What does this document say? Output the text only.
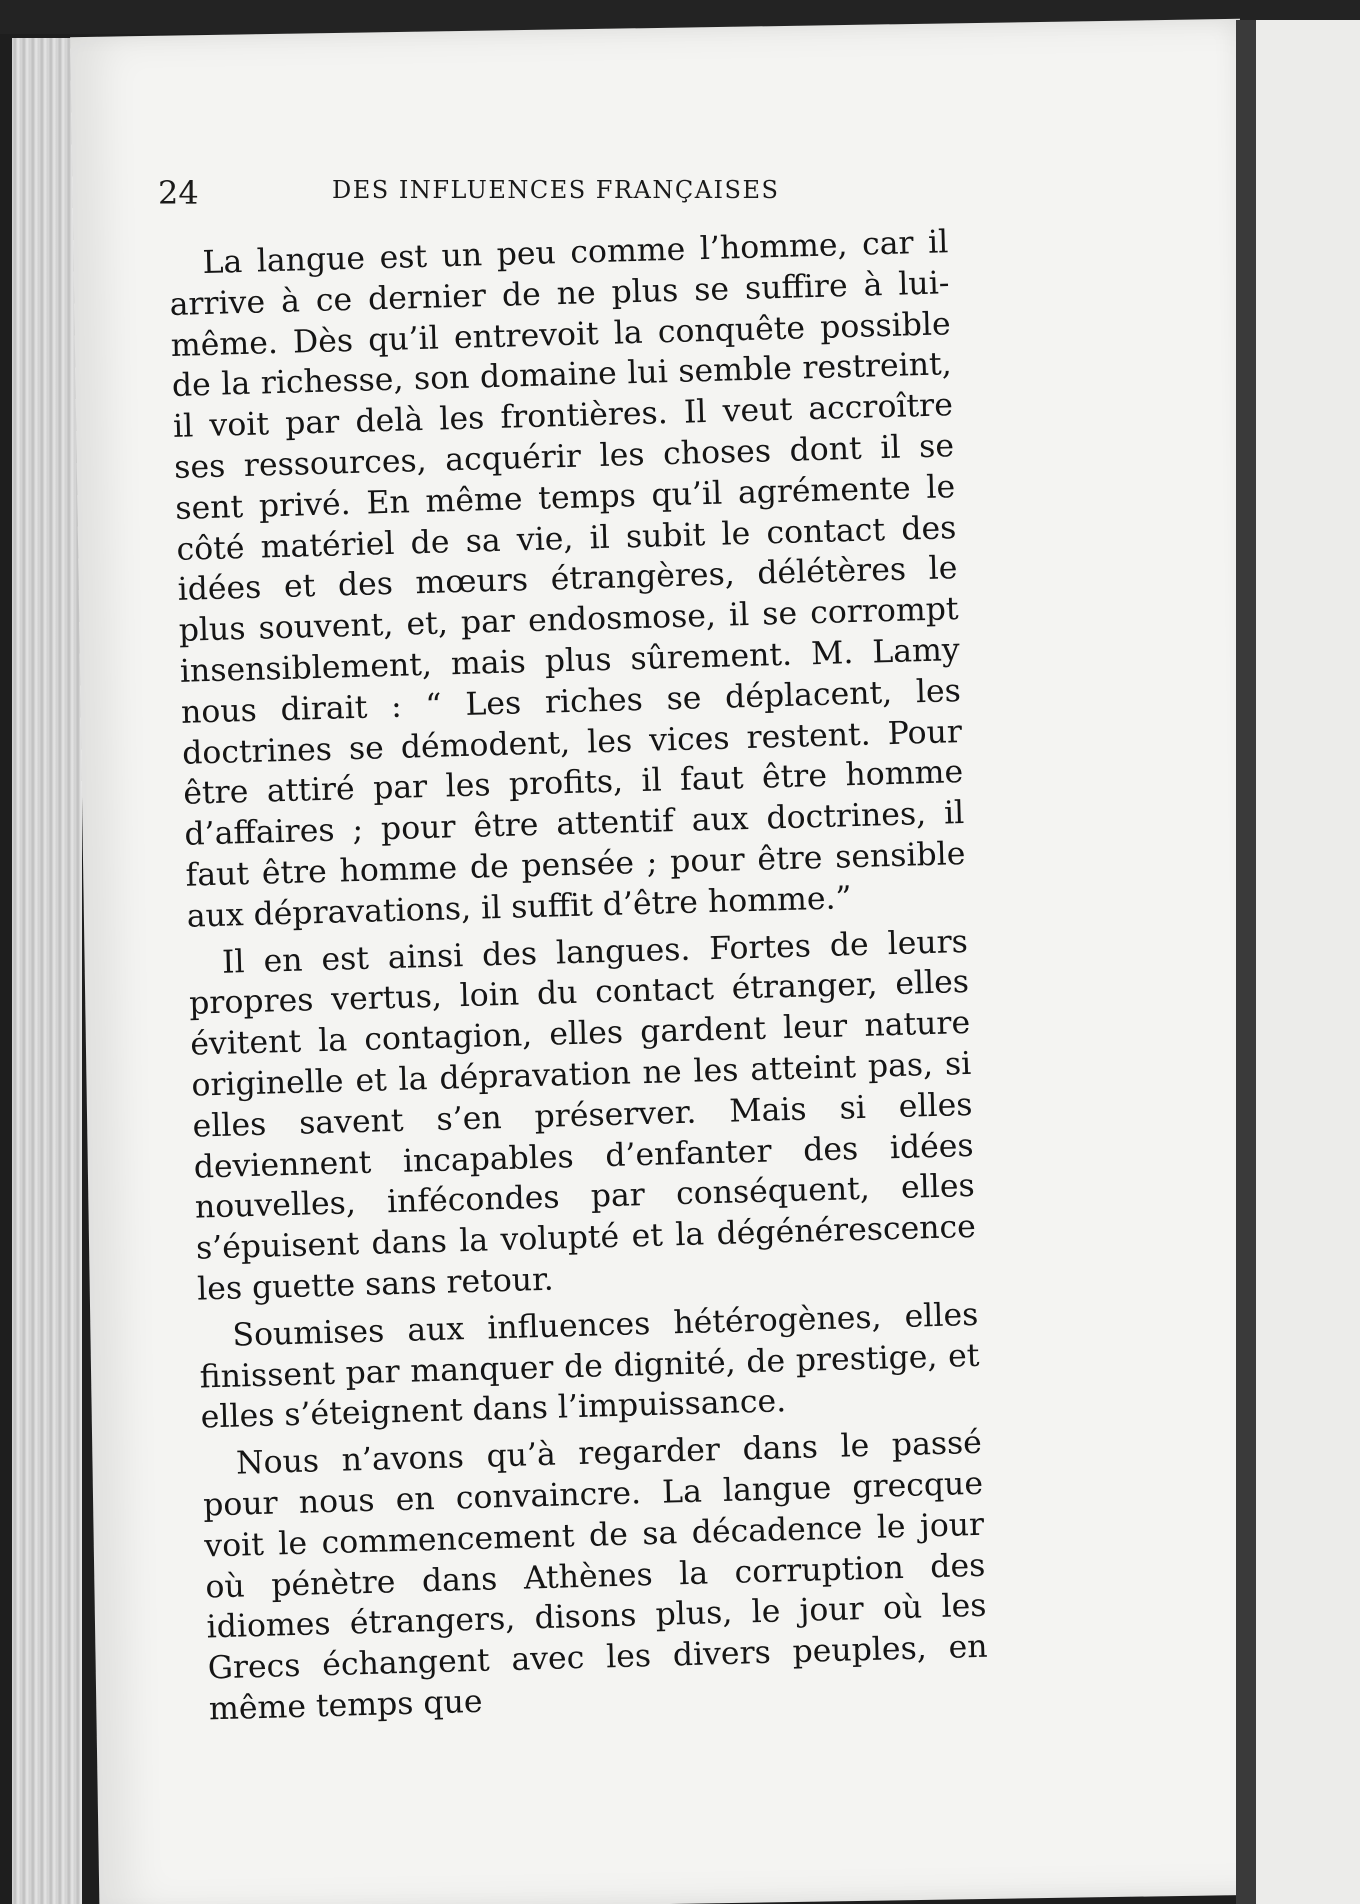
24	DES INFLUENCES FRANÇAISES

La langue est un peu comme l’homme, car il arrive à ce dernier de ne plus se suffire à lui-même. Dès qu’il entrevoit la conquête possible de la richesse, son domaine lui semble restreint, il voit par delà les frontières. Il veut accroître ses ressources, acquérir les choses dont il se sent privé. En même temps qu’il agrémente le côté matériel de sa vie, il subit le contact des idées et des mœurs étrangères, délétères le plus souvent, et, par endosmose, il se corrompt insensiblement, mais plus sûrement. M. Lamy nous dirait : “ Les riches se déplacent, les doctrines se démodent, les vices restent. Pour être attiré par les profits, il faut être homme d’affaires ; pour être attentif aux doctrines, il faut être homme de pensée ; pour être sensible aux dépravations, il suffit d’être homme.”

Il en est ainsi des langues. Fortes de leurs propres vertus, loin du contact étranger, elles évitent la contagion, elles gardent leur nature originelle et la dépravation ne les atteint pas, si elles savent s’en préserver. Mais si elles deviennent incapables d’enfanter des idées nouvelles, infécondes par conséquent, elles s’épuisent dans la volupté et la dégénérescence les guette sans retour.

Soumises aux influences hétérogènes, elles finissent par manquer de dignité, de prestige, et elles s’éteignent dans l’impuissance.

Nous n’avons qu’à regarder dans le passé pour nous en convaincre. La langue grecque voit le commencement de sa décadence le jour où pénètre dans Athènes la corruption des idiomes étrangers, disons plus, le jour où les Grecs échangent avec les divers peuples, en même temps que
